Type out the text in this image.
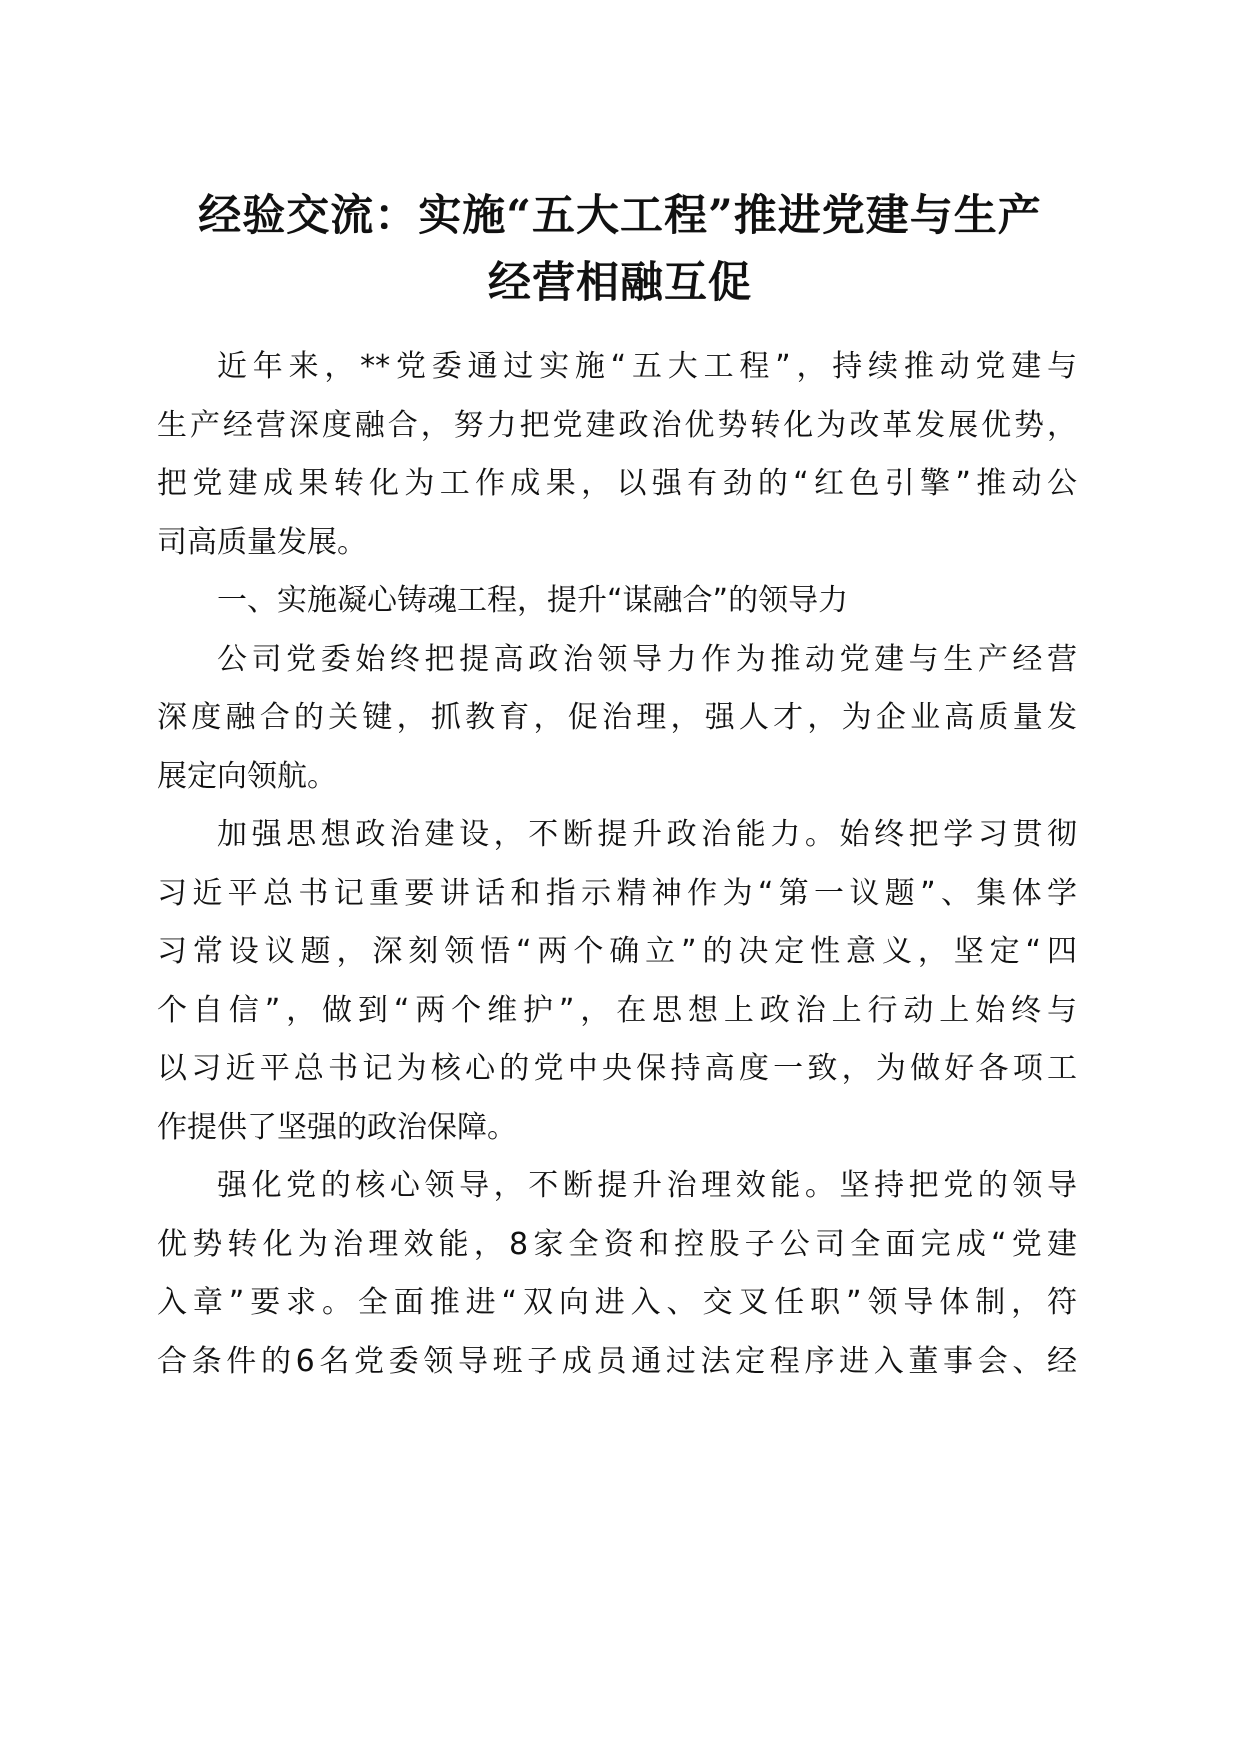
经验交流：实施“五大工程”推进党建与生产
经营相融互促

近年来，**党委通过实施“五大工程”，持续推动党建与

生产经营深度融合，努力把党建政治优势转化为改革发展优势，

把党建成果转化为工作成果，以强有劲的“红色引擎”推动公

司高质量发展。

一、实施凝心铸魂工程，提升“谋融合”的领导力

公司党委始终把提高政治领导力作为推动党建与生产经营

深度融合的关键，抓教育，促治理，强人才，为企业高质量发

展定向领航。

加强思想政治建设，不断提升政治能力。始终把学习贯彻

习近平总书记重要讲话和指示精神作为“第一议题”、集体学

习常设议题，深刻领悟“两个确立”的决定性意义，坚定“四

个自信”，做到“两个维护”，在思想上政治上行动上始终与

以习近平总书记为核心的党中央保持高度一致，为做好各项工

作提供了坚强的政治保障。

强化党的核心领导，不断提升治理效能。坚持把党的领导

优势转化为治理效能，8家全资和控股子公司全面完成“党建

入章”要求。全面推进“双向进入、交叉任职”领导体制，符

合条件的6名党委领导班子成员通过法定程序进入董事会、经
